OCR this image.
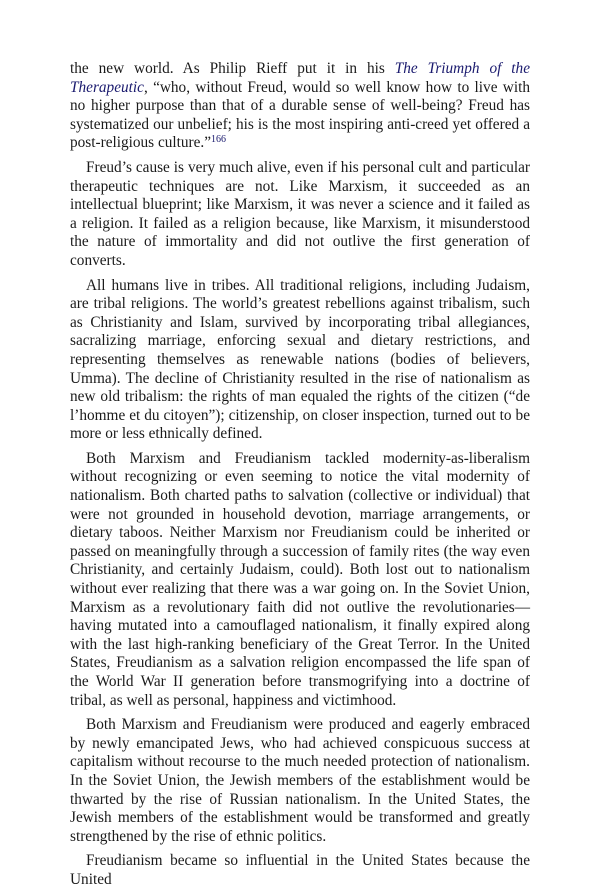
the new world. As Philip Rieff put it in his The Triumph of the Therapeutic, “who, without Freud, would so well know how to live with no higher purpose than that of a durable sense of well-being? Freud has systematized our unbelief; his is the most inspiring anti-creed yet offered a post-religious culture.”$^{166}$

Freud’s cause is very much alive, even if his personal cult and particular therapeutic techniques are not. Like Marxism, it succeeded as an intellectual blueprint; like Marxism, it was never a science and it failed as a religion. It failed as a religion because, like Marxism, it misunderstood the nature of immortality and did not outlive the first generation of converts.

All humans live in tribes. All traditional religions, including Judaism, are tribal religions. The world’s greatest rebellions against tribalism, such as Christianity and Islam, survived by incorporating tribal allegiances, sacralizing marriage, enforcing sexual and dietary restrictions, and representing themselves as renewable nations (bodies of believers, Umma). The decline of Christianity resulted in the rise of nationalism as new old tribalism: the rights of man equaled the rights of the citizen (“de l’homme et du citoyen”); citizenship, on closer inspection, turned out to be more or less ethnically defined.

Both Marxism and Freudianism tackled modernity-as-liberalism without recognizing or even seeming to notice the vital modernity of nationalism. Both charted paths to salvation (collective or individual) that were not grounded in household devotion, marriage arrangements, or dietary taboos. Neither Marxism nor Freudianism could be inherited or passed on meaningfully through a succession of family rites (the way even Christianity, and certainly Judaism, could). Both lost out to nationalism without ever realizing that there was a war going on. In the Soviet Union, Marxism as a revolutionary faith did not outlive the revolutionaries—having mutated into a camouflaged nationalism, it finally expired along with the last high-ranking beneficiary of the Great Terror. In the United States, Freudianism as a salvation religion encompassed the life span of the World War II generation before transmogrifying into a doctrine of tribal, as well as personal, happiness and victimhood.

Both Marxism and Freudianism were produced and eagerly embraced by newly emancipated Jews, who had achieved conspicuous success at capitalism without recourse to the much needed protection of nationalism. In the Soviet Union, the Jewish members of the establishment would be thwarted by the rise of Russian nationalism. In the United States, the Jewish members of the establishment would be transformed and greatly strengthened by the rise of ethnic politics.

Freudianism became so influential in the United States because the United
